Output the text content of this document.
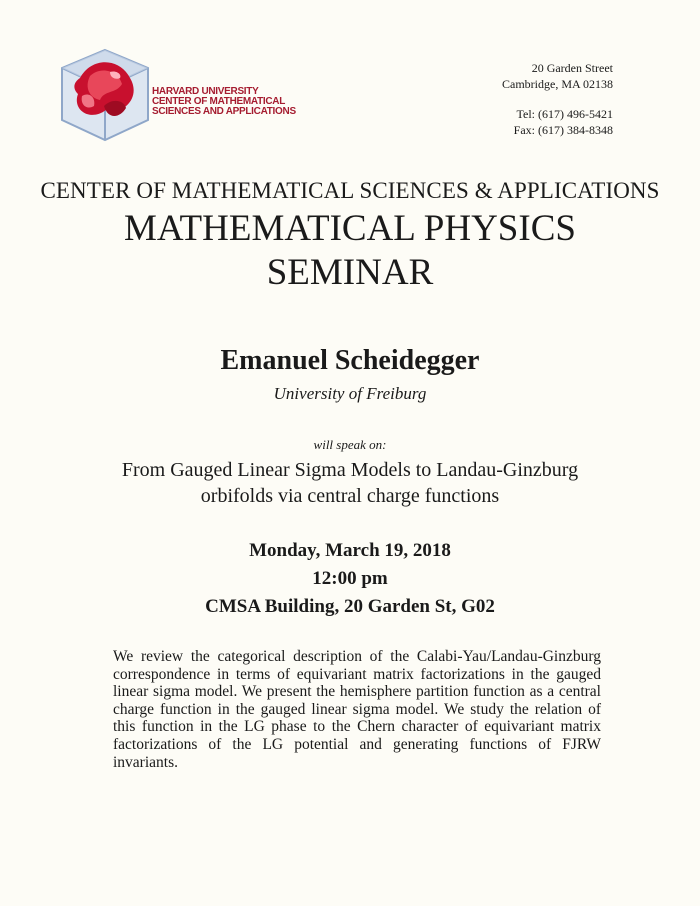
HARVARD UNIVERSITY
CENTER OF MATHEMATICAL
SCIENCES AND APPLICATIONS
20 Garden Street
Cambridge, MA 02138
Tel: (617) 496-5421
Fax: (617) 384-8348
CENTER OF MATHEMATICAL SCIENCES & APPLICATIONS
MATHEMATICAL PHYSICS
SEMINAR
Emanuel Scheidegger
University of Freiburg
will speak on:
From Gauged Linear Sigma Models to Landau-Ginzburg
orbifolds via central charge functions
Monday, March 19, 2018
12:00 pm
CMSA Building, 20 Garden St, G02
We review the categorical description of the Calabi-Yau/Landau-Ginzburg correspondence in terms of equivariant matrix factorizations in the gauged linear sigma model. We present the hemisphere partition function as a central charge function in the gauged linear sigma model. We study the relation of this function in the LG phase to the Chern character of equivariant matrix factorizations of the LG potential and generating functions of FJRW invariants.
